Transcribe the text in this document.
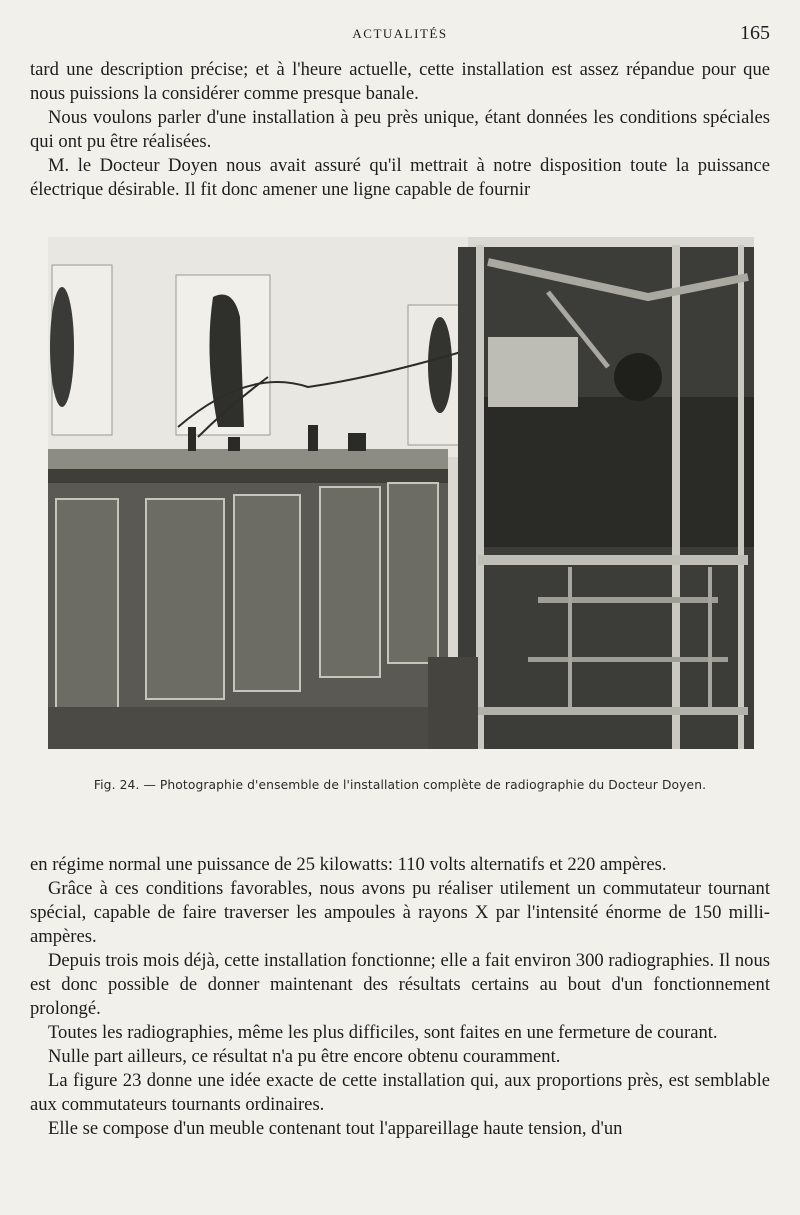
ACTUALITÉS	165

tard une description précise; et à l'heure actuelle, cette installation est assez répandue pour que nous puissions la considérer comme presque banale.

Nous voulons parler d'une installation à peu près unique, étant données les conditions spéciales qui ont pu être réalisées.

M. le Docteur Doyen nous avait assuré qu'il mettrait à notre disposition toute la puissance électrique désirable. Il fit donc amener une ligne capable de fournir

Fig. 24. — Photographie d'ensemble de l'installation complète de radiographie du Docteur Doyen.

en régime normal une puissance de 25 kilowatts: 110 volts alternatifs et 220 ampères.

Grâce à ces conditions favorables, nous avons pu réaliser utilement un commutateur tournant spécial, capable de faire traverser les ampoules à rayons X par l'intensité énorme de 150 milli-ampères.

Depuis trois mois déjà, cette installation fonctionne; elle a fait environ 300 radiographies. Il nous est donc possible de donner maintenant des résultats certains au bout d'un fonctionnement prolongé.

Toutes les radiographies, même les plus difficiles, sont faites en une fermeture de courant.

Nulle part ailleurs, ce résultat n'a pu être encore obtenu couramment.

La figure 23 donne une idée exacte de cette installation qui, aux proportions près, est semblable aux commutateurs tournants ordinaires.

Elle se compose d'un meuble contenant tout l'appareillage haute tension, d'un
